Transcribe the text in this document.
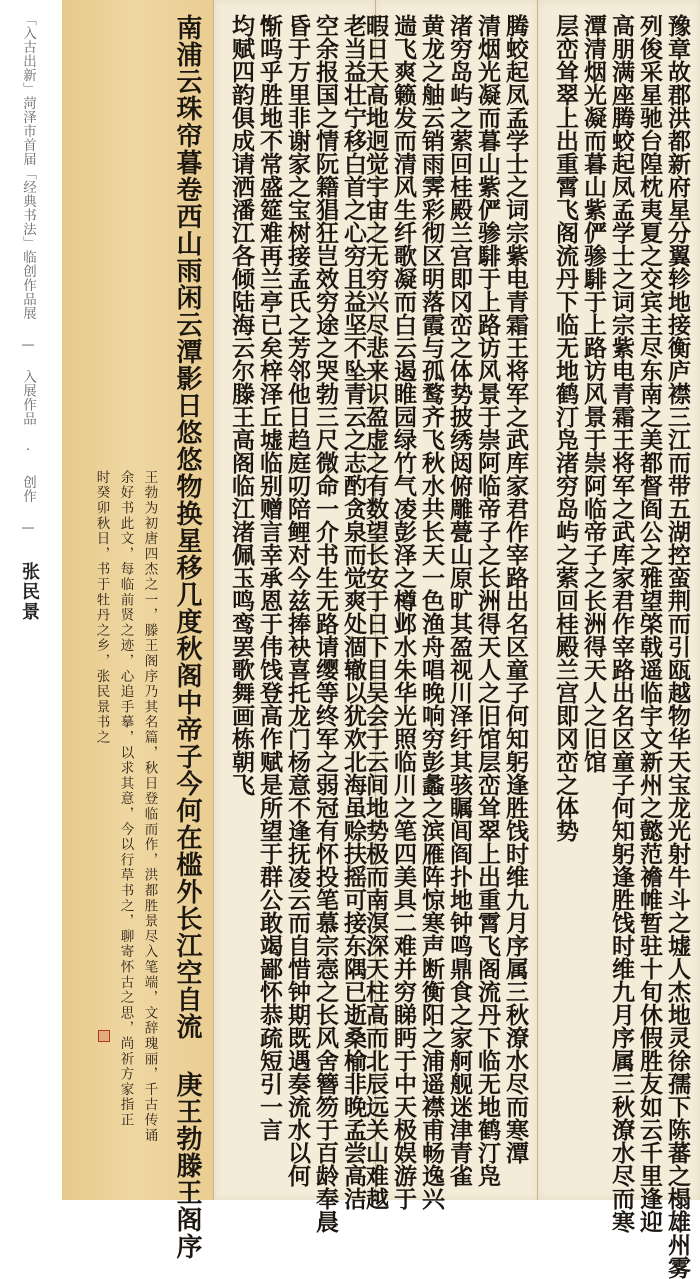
「入古出新」菏泽市首届「经典书法」临创作品展 — 入展作品 · 创作 —
张民景	南浦云珠帘暮卷西山雨闲云潭影日悠悠物换星移几度秋阁中帝子今何在槛外长江空自流 庚王勃滕王阁序
王勃为初唐四杰之一，滕王阁序乃其名篇，秋日登临而作，洪都胜景尽入笔端，文辞瑰丽，千古传诵
余好书此文，每临前贤之迹，心追手摹，以求其意，今以行草书之，聊寄怀古之思，尚祈方家指正
时癸卯秋日，书于牡丹之乡，张民景书之	老当益壮宁移白首之心穷且益坚不坠青云之志酌贪泉而觉爽处涸辙以犹欢北海虽赊扶摇可接东隅已逝桑榆非晚孟尝高洁
空余报国之情阮籍猖狂岂效穷途之哭勃三尺微命一介书生无路请缨等终军之弱冠有怀投笔慕宗悫之长风舍簪笏于百龄奉晨
昏于万里非谢家之宝树接孟氏之芳邻他日趋庭叨陪鲤对今兹捧袂喜托龙门杨意不逢抚凌云而自惜钟期既遇奏流水以何
惭呜乎胜地不常盛筵难再兰亭已矣梓泽丘墟临别赠言幸承恩于伟饯登高作赋是所望于群公敢竭鄙怀恭疏短引一言
均赋四韵俱成请洒潘江各倾陆海云尔滕王高阁临江渚佩玉鸣鸾罢歌舞画栋朝飞	腾蛟起凤孟学士之词宗紫电青霜王将军之武库家君作宰路出名区童子何知躬逢胜饯时维九月序属三秋潦水尽而寒潭
清烟光凝而暮山紫俨骖騑于上路访风景于崇阿临帝子之长洲得天人之旧馆层峦耸翠上出重霄飞阁流丹下临无地鹤汀凫
渚穷岛屿之萦回桂殿兰宫即冈峦之体势披绣闼俯雕甍山原旷其盈视川泽纡其骇瞩闾阎扑地钟鸣鼎食之家舸舰迷津青雀
黄龙之舳云销雨霁彩彻区明落霞与孤鹜齐飞秋水共长天一色渔舟唱晚响穷彭蠡之滨雁阵惊寒声断衡阳之浦遥襟甫畅逸兴
遄飞爽籁发而清风生纤歌凝而白云遏睢园绿竹气凌彭泽之樽邺水朱华光照临川之笔四美具二难并穷睇眄于中天极娱游于
暇日天高地迥觉宇宙之无穷兴尽悲来识盈虚之有数望长安于日下目吴会于云间地势极而南溟深天柱高而北辰远关山难越	豫章故郡洪都新府星分翼轸地接衡庐襟三江而带五湖控蛮荆而引瓯越物华天宝龙光射牛斗之墟人杰地灵徐孺下陈蕃之榻雄州雾
列俊采星驰台隍枕夷夏之交宾主尽东南之美都督阎公之雅望棨戟遥临宇文新州之懿范襜帷暂驻十旬休假胜友如云千里逢迎
高朋满座腾蛟起凤孟学士之词宗紫电青霜王将军之武库家君作宰路出名区童子何知躬逢胜饯时维九月序属三秋潦水尽而寒
潭清烟光凝而暮山紫俨骖騑于上路访风景于崇阿临帝子之长洲得天人之旧馆
层峦耸翠上出重霄飞阁流丹下临无地鹤汀凫渚穷岛屿之萦回桂殿兰宫即冈峦之体势
